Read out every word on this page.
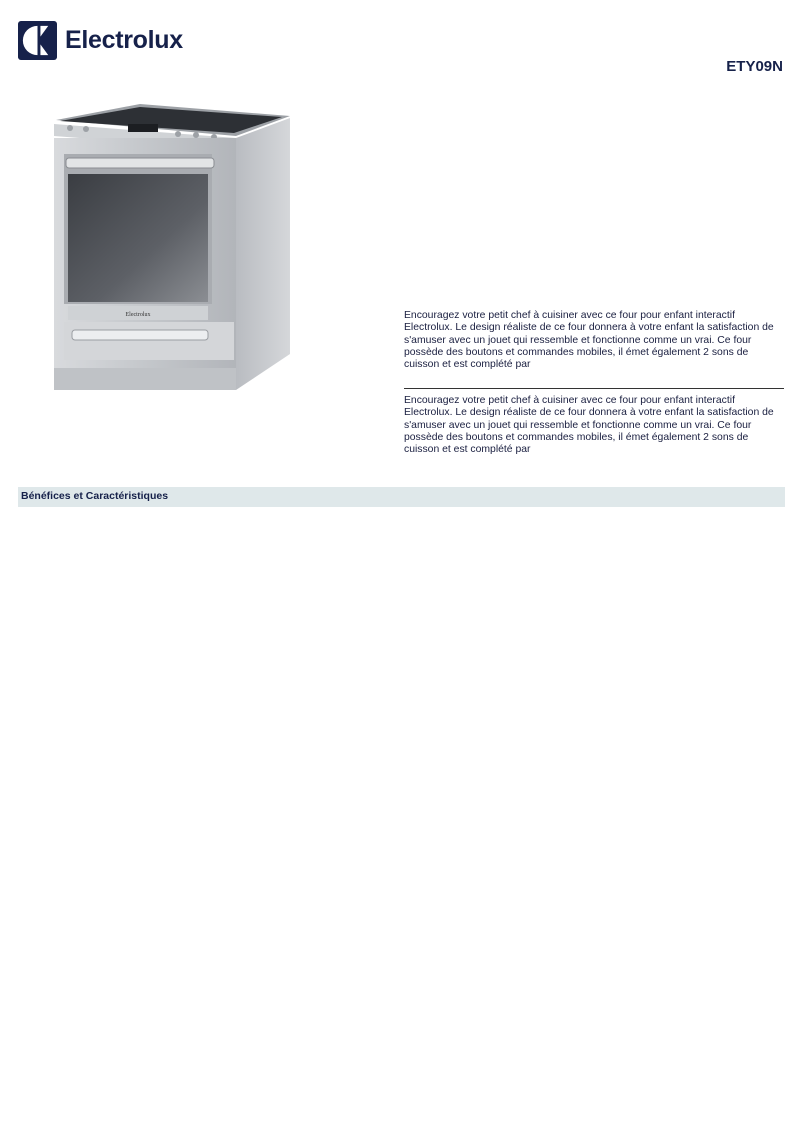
Electrolux
ETY09N
Electrolux	Encouragez votre petit chef à cuisiner avec ce four pour enfant interactif Electrolux. Le design réaliste de ce four donnera à votre enfant la satisfaction de s'amuser avec un jouet qui ressemble et fonctionne comme un vrai. Ce four possède des boutons et commandes mobiles, il émet également 2 sons de cuisson et est complété par
Encouragez votre petit chef à cuisiner avec ce four pour enfant interactif Electrolux. Le design réaliste de ce four donnera à votre enfant la satisfaction de s'amuser avec un jouet qui ressemble et fonctionne comme un vrai. Ce four possède des boutons et commandes mobiles, il émet également 2 sons de cuisson et est complété par
Bénéfices et Caractéristiques
